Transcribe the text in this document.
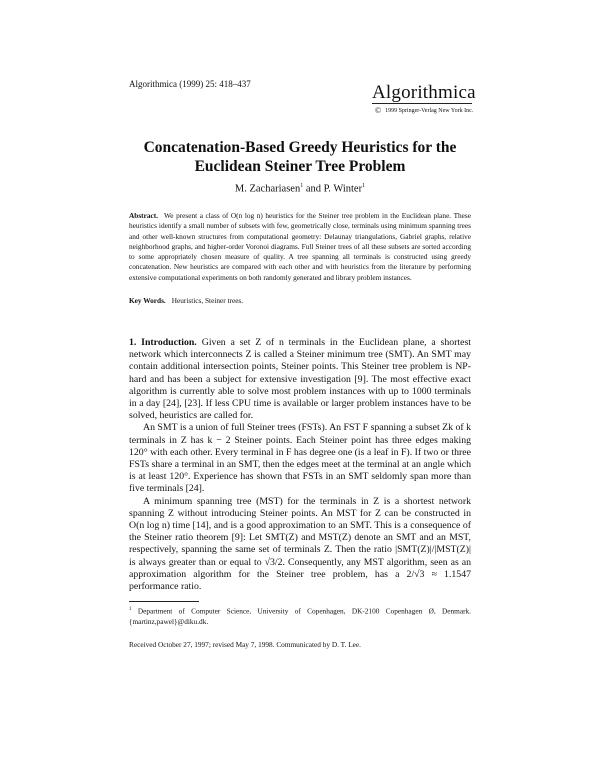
Algorithmica (1999) 25: 418–437	Algorithmica
© 1999 Springer-Verlag New York Inc.
Concatenation-Based Greedy Heuristics for the
Euclidean Steiner Tree Problem
M. Zachariasen$^1$ and P. Winter$^1$
Abstract. We present a class of O(n log n) heuristics for the Steiner tree problem in the Euclidean plane. These heuristics identify a small number of subsets with few, geometrically close, terminals using minimum spanning trees and other well-known structures from computational geometry: Delaunay triangulations, Gabriel graphs, relative neighborhood graphs, and higher-order Voronoi diagrams. Full Steiner trees of all these subsets are sorted according to some appropriately chosen measure of quality. A tree spanning all terminals is constructed using greedy concatenation. New heuristics are compared with each other and with heuristics from the literature by performing extensive computational experiments on both randomly generated and library problem instances.
Key Words. Heuristics, Steiner trees.

1. Introduction. Given a set Z of n terminals in the Euclidean plane, a shortest network which interconnects Z is called a Steiner minimum tree (SMT). An SMT may contain additional intersection points, Steiner points. This Steiner tree problem is NP-hard and has been a subject for extensive investigation [9]. The most effective exact algorithm is currently able to solve most problem instances with up to 1000 terminals in a day [24], [23]. If less CPU time is available or larger problem instances have to be solved, heuristics are called for.

An SMT is a union of full Steiner trees (FSTs). An FST F spanning a subset Zk of k terminals in Z has k − 2 Steiner points. Each Steiner point has three edges making 120° with each other. Every terminal in F has degree one (is a leaf in F). If two or three FSTs share a terminal in an SMT, then the edges meet at the terminal at an angle which is at least 120°. Experience has shown that FSTs in an SMT seldomly span more than five terminals [24].

A minimum spanning tree (MST) for the terminals in Z is a shortest network spanning Z without introducing Steiner points. An MST for Z can be constructed in O(n log n) time [14], and is a good approximation to an SMT. This is a consequence of the Steiner ratio theorem [9]: Let SMT(Z) and MST(Z) denote an SMT and an MST, respectively, spanning the same set of terminals Z. Then the ratio |SMT(Z)|/|MST(Z)| is always greater than or equal to √3/2. Consequently, any MST algorithm, seen as an approximation algorithm for the Steiner tree problem, has a 2/√3 ≈ 1.1547 performance ratio.

$^1$ Department of Computer Science, University of Copenhagen, DK-2100 Copenhagen Ø, Denmark. {martinz,pawel}@diku.dk.
Received October 27, 1997; revised May 7, 1998. Communicated by D. T. Lee.
